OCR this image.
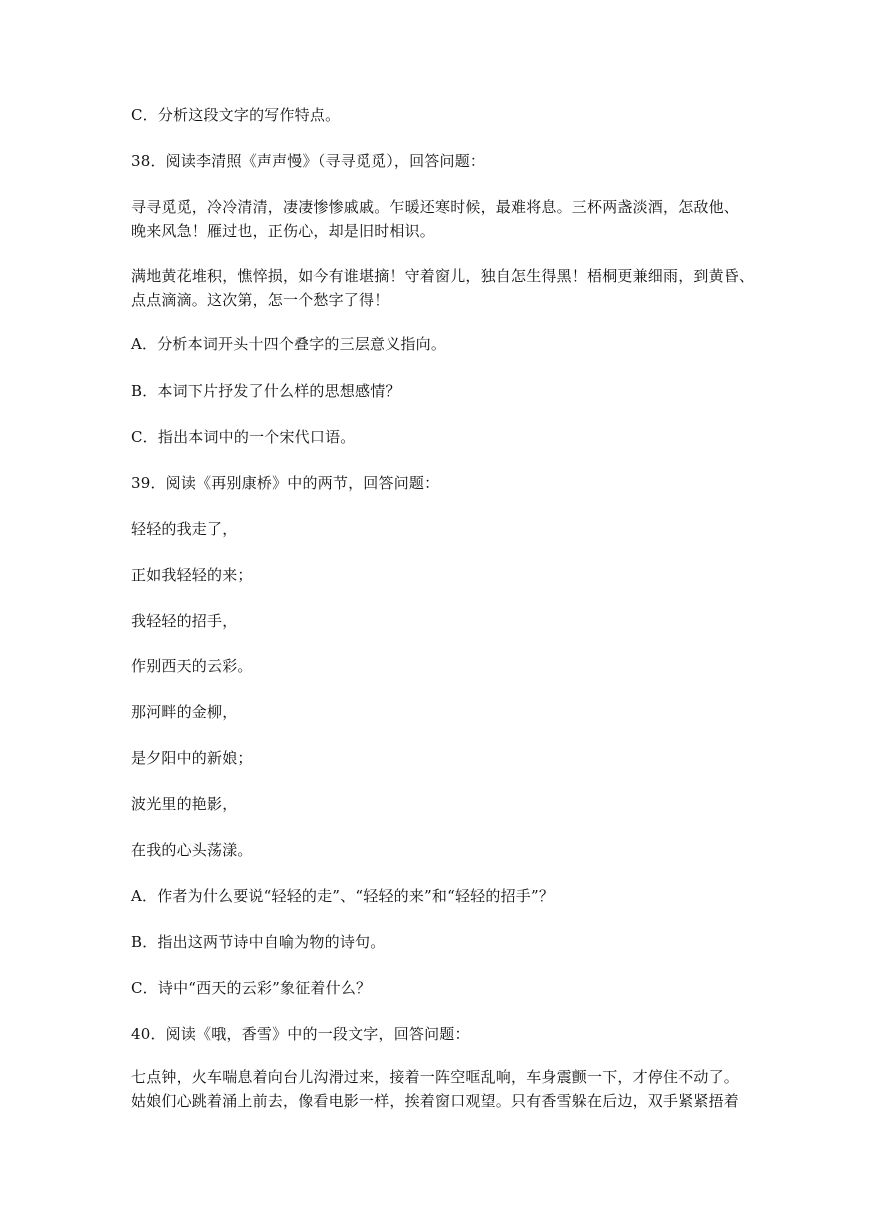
C．分析这段文字的写作特点。
38．阅读李清照《声声慢》（寻寻觅觅），回答问题：

寻寻觅觅，冷冷清清，凄凄惨惨戚戚。乍暖还寒时候，最难将息。三杯两盏淡酒，怎敌他、

晚来风急！雁过也，正伤心，却是旧时相识。

满地黄花堆积，憔悴损，如今有谁堪摘！守着窗儿，独自怎生得黑！梧桐更兼细雨，到黄昏、

点点滴滴。这次第，怎一个愁字了得！

A．分析本词开头十四个叠字的三层意义指向。
B．本词下片抒发了什么样的思想感情？
C．指出本词中的一个宋代口语。
39．阅读《再别康桥》中的两节，回答问题：
轻轻的我走了，
正如我轻轻的来；
我轻轻的招手，
作别西天的云彩。
那河畔的金柳，
是夕阳中的新娘；
波光里的艳影，
在我的心头荡漾。
A．作者为什么要说“轻轻的走”、“轻轻的来”和“轻轻的招手”？
B．指出这两节诗中自喻为物的诗句。
C．诗中“西天的云彩”象征着什么？
40．阅读《哦，香雪》中的一段文字，回答问题：

七点钟，火车喘息着向台儿沟滑过来，接着一阵空哐乱响，车身震颤一下，才停住不动了。

姑娘们心跳着涌上前去，像看电影一样，挨着窗口观望。只有香雪躲在后边，双手紧紧捂着
